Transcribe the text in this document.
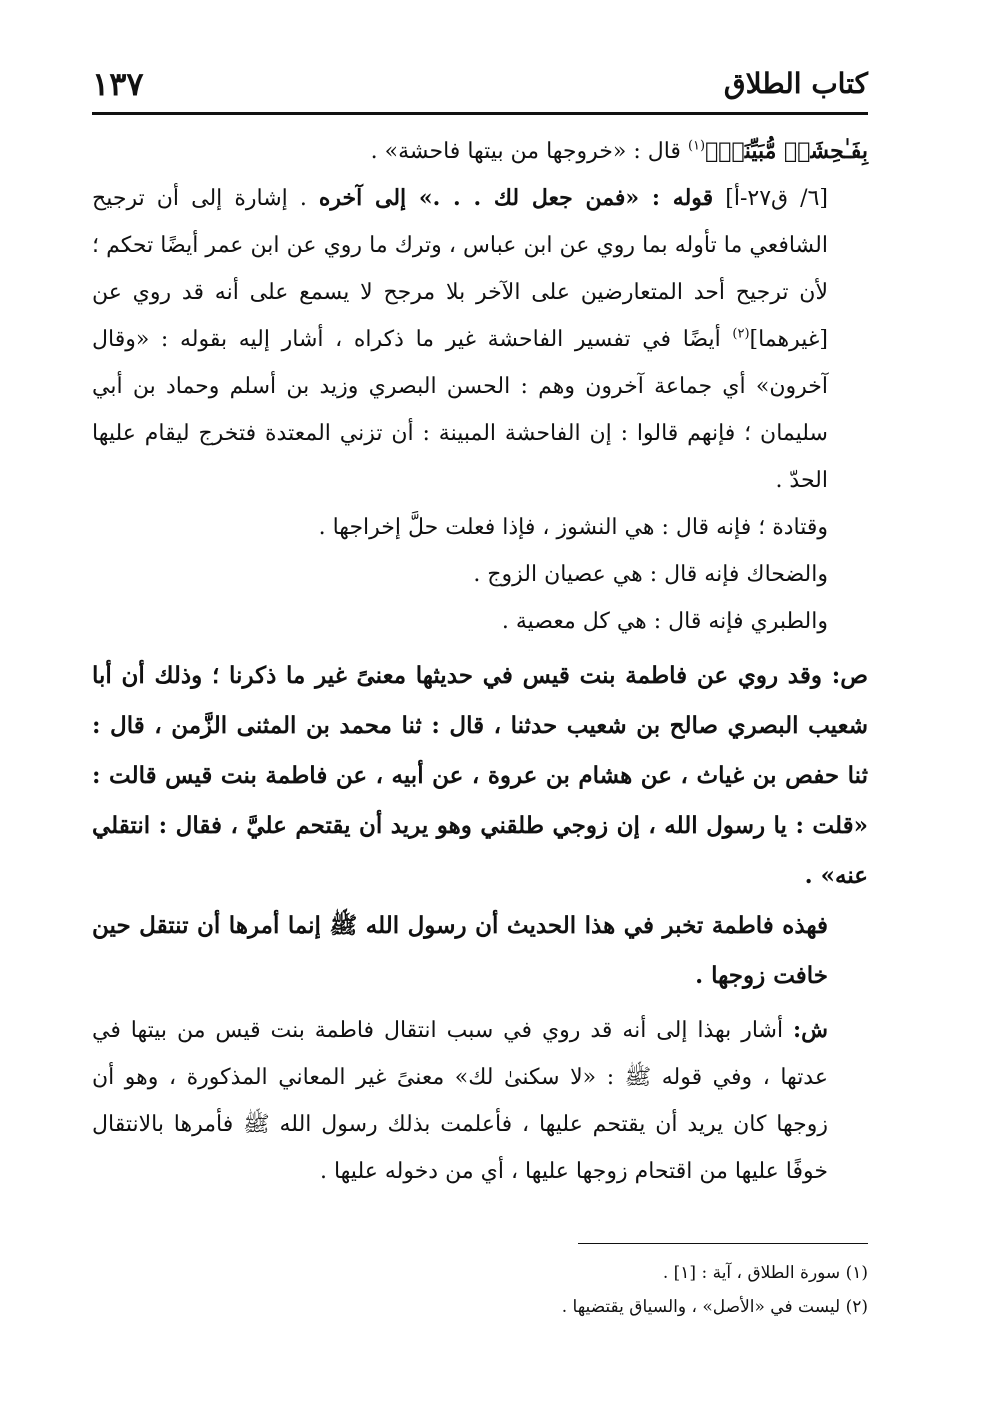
كتاب الطلاق
١٣٧

بِفَـٰحِشَةٖ مُّبَيِّنَةٖ﴾$^{(١)}$ قال : «خروجها من بيتها فاحشة» .

[٦/ ق٢٧-أ] قوله : «فمن جعل لك . . .» إلى آخره . إشارة إلى أن ترجيح الشافعي ما تأوله بما روي عن ابن عباس ، وترك ما روي عن ابن عمر أيضًا تحكم ؛ لأن ترجيح أحد المتعارضين على الآخر بلا مرجح لا يسمع على أنه قد روي عن [غيرهما]$^{(٢)}$ أيضًا في تفسير الفاحشة غير ما ذكراه ، أشار إليه بقوله : «وقال آخرون» أي جماعة آخرون وهم : الحسن البصري وزيد بن أسلم وحماد بن أبي سليمان ؛ فإنهم قالوا : إن الفاحشة المبينة : أن تزني المعتدة فتخرج ليقام عليها الحدّ .

وقتادة ؛ فإنه قال : هي النشوز ، فإذا فعلت حلَّ إخراجها .

والضحاك فإنه قال : هي عصيان الزوج .

والطبري فإنه قال : هي كل معصية .

ص: وقد روي عن فاطمة بنت قيس في حديثها معنىً غير ما ذكرنا ؛ وذلك أن أبا شعيب البصري صالح بن شعيب حدثنا ، قال : ثنا محمد بن المثنى الزَّمن ، قال : ثنا حفص بن غياث ، عن هشام بن عروة ، عن أبيه ، عن فاطمة بنت قيس قالت : «قلت : يا رسول الله ، إن زوجي طلقني وهو يريد أن يقتحم عليَّ ، فقال : انتقلي عنه» .

فهذه فاطمة تخبر في هذا الحديث أن رسول الله ﷺ إنما أمرها أن تنتقل حين خافت زوجها .

ش: أشار بهذا إلى أنه قد روي في سبب انتقال فاطمة بنت قيس من بيتها في عدتها ، وفي قوله ﷺ : «لا سكنىٰ لك» معنىً غير المعاني المذكورة ، وهو أن زوجها كان يريد أن يقتحم عليها ، فأعلمت بذلك رسول الله ﷺ فأمرها بالانتقال خوفًا عليها من اقتحام زوجها عليها ، أي من دخوله عليها .

(١) سورة الطلاق ، آية : [١] .

(٢) ليست في «الأصل» ، والسياق يقتضيها .
